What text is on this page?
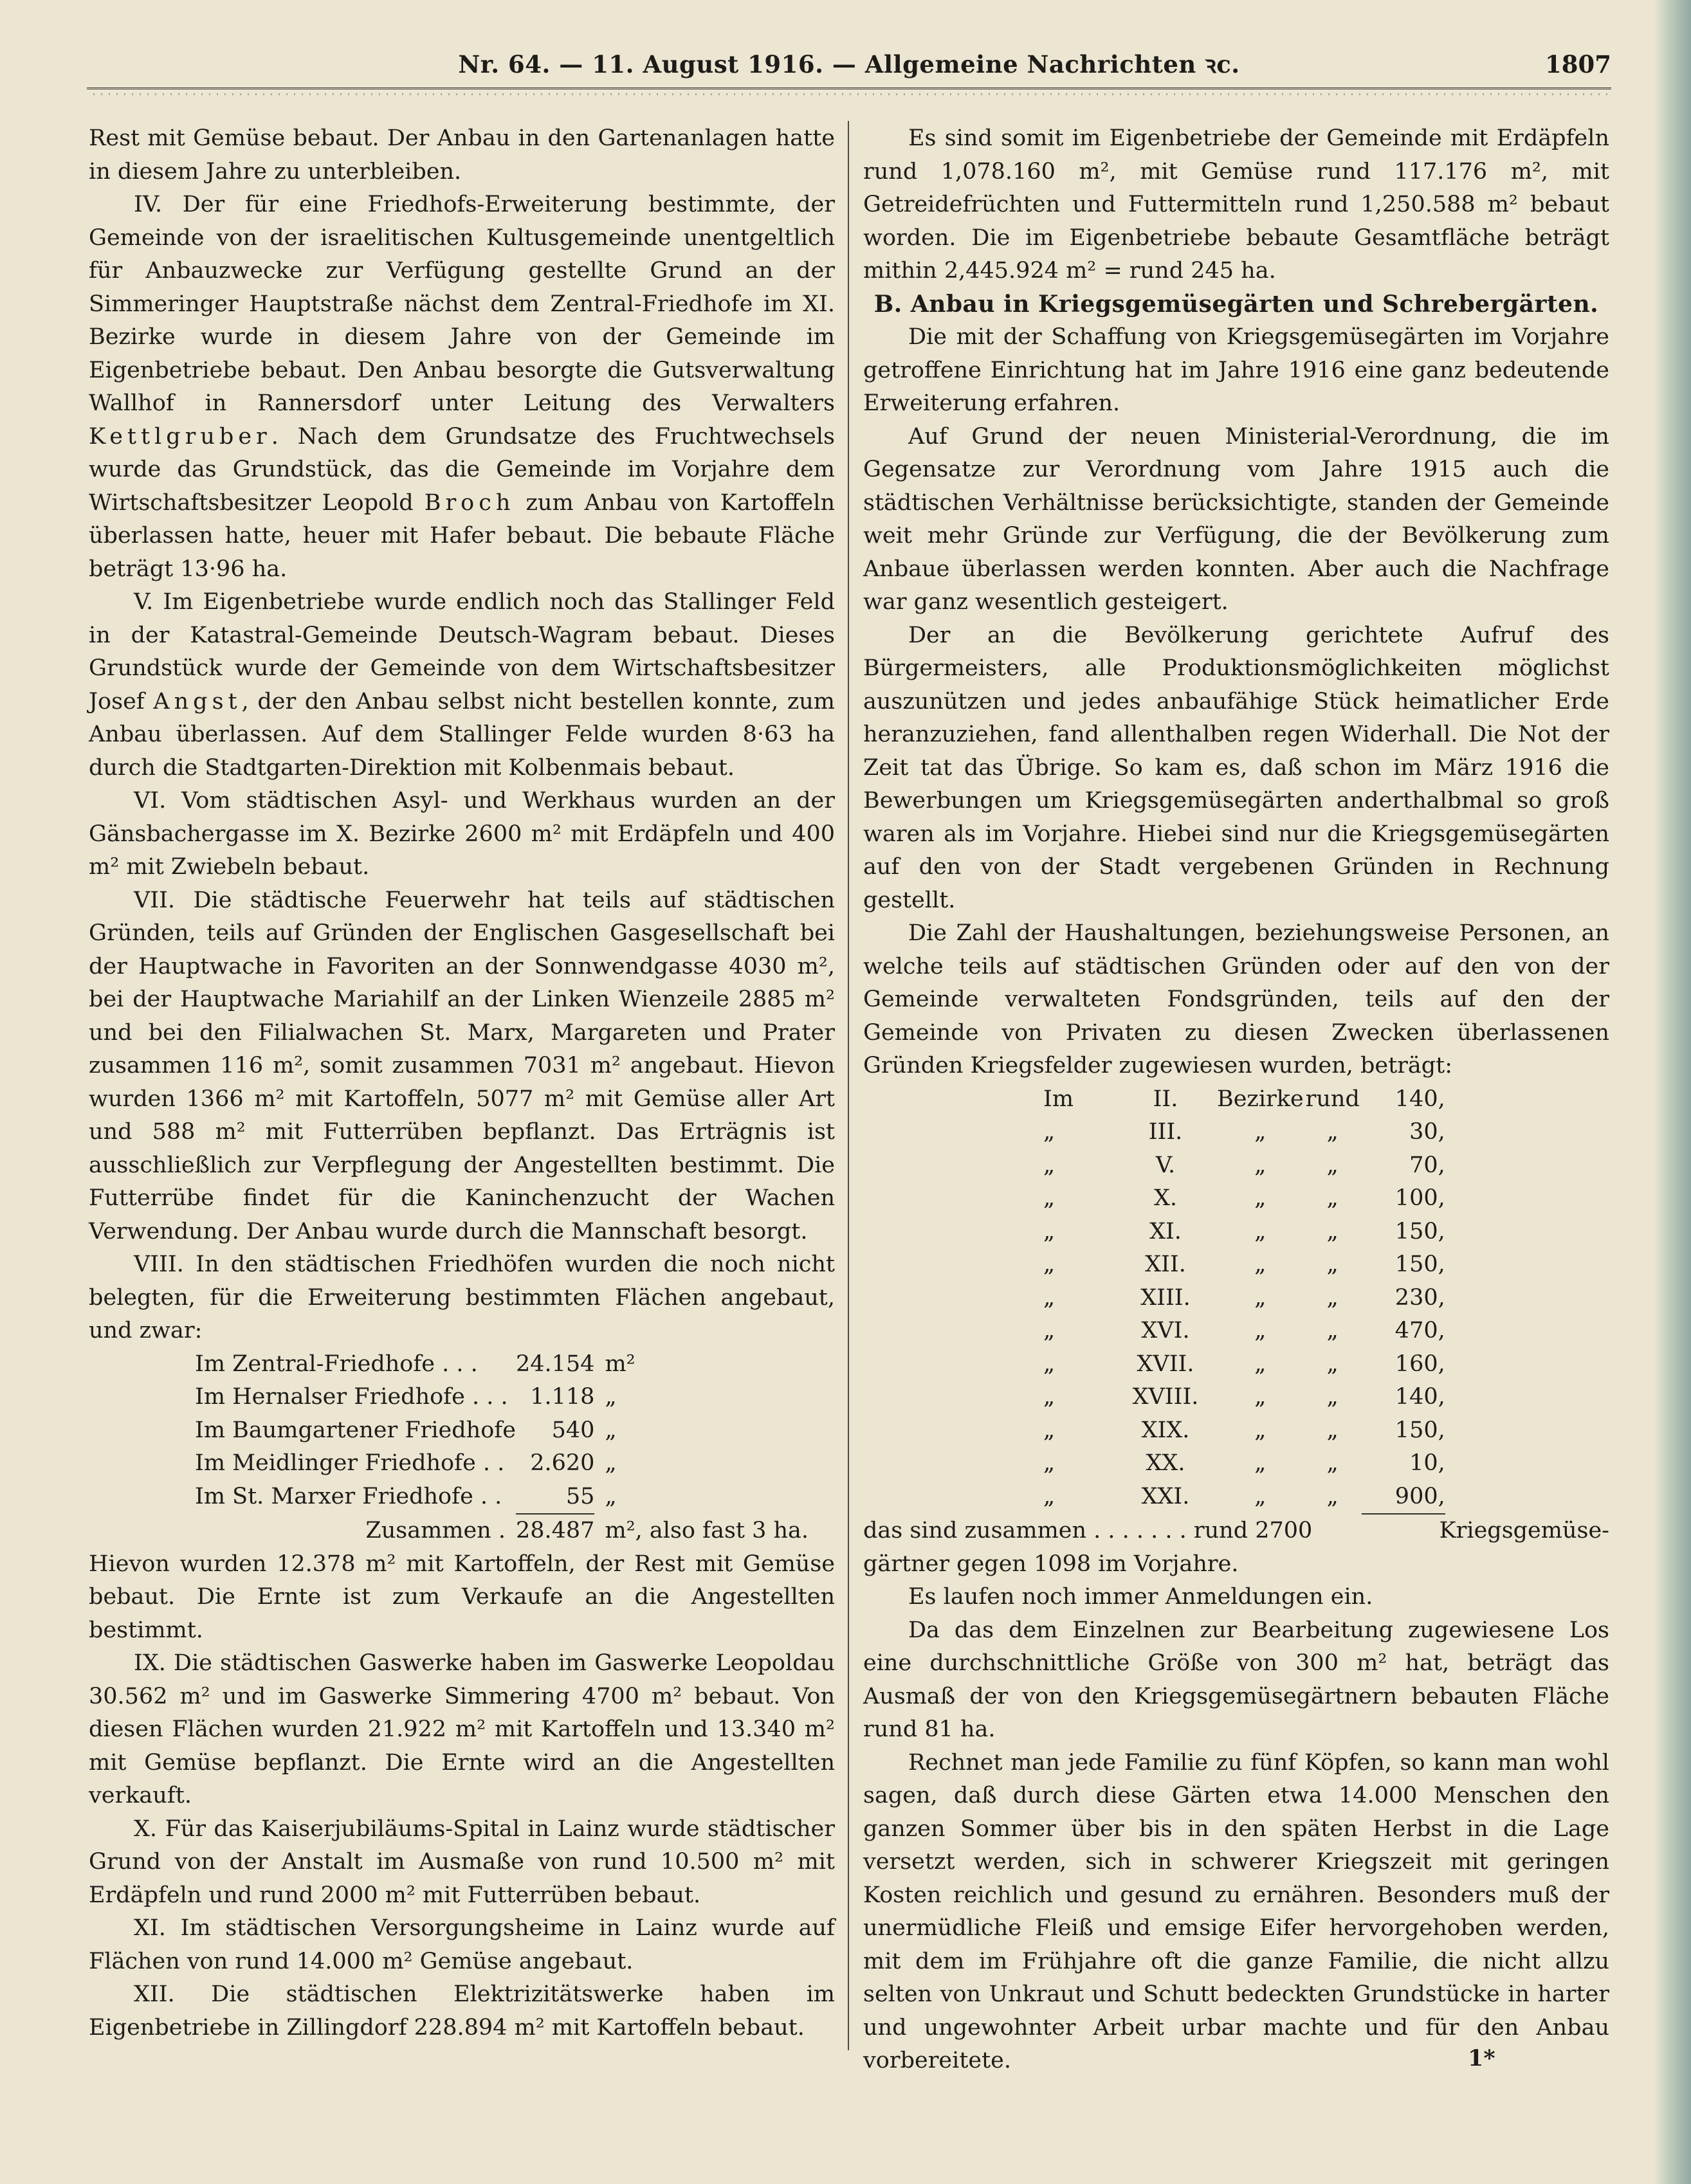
Nr. 64. — 11. August 1916. — Allgemeine Nachrichten ꝛc.	1807

Rest mit Gemüse bebaut. Der Anbau in den Gartenanlagen hatte in diesem Jahre zu unterbleiben.

IV. Der für eine Friedhofs-Erweiterung bestimmte, der Gemeinde von der israelitischen Kultusgemeinde unentgeltlich für Anbauzwecke zur Verfügung gestellte Grund an der Simmeringer Hauptstraße nächst dem Zentral-Friedhofe im XI. Bezirke wurde in diesem Jahre von der Gemeinde im Eigenbetriebe bebaut. Den Anbau besorgte die Gutsverwaltung Wallhof in Rannersdorf unter Leitung des Verwalters Kettlgruber. Nach dem Grundsatze des Fruchtwechsels wurde das Grundstück, das die Gemeinde im Vorjahre dem Wirtschaftsbesitzer Leopold Broch zum Anbau von Kartoffeln überlassen hatte, heuer mit Hafer bebaut. Die bebaute Fläche beträgt 13·96 ha.

V. Im Eigenbetriebe wurde endlich noch das Stallinger Feld in der Katastral-Gemeinde Deutsch-Wagram bebaut. Dieses Grundstück wurde der Gemeinde von dem Wirtschaftsbesitzer Josef Angst, der den Anbau selbst nicht bestellen konnte, zum Anbau überlassen. Auf dem Stallinger Felde wurden 8·63 ha durch die Stadtgarten-Direktion mit Kolbenmais bebaut.

VI. Vom städtischen Asyl- und Werkhaus wurden an der Gänsbachergasse im X. Bezirke 2600 m² mit Erdäpfeln und 400 m² mit Zwiebeln bebaut.

VII. Die städtische Feuerwehr hat teils auf städtischen Gründen, teils auf Gründen der Englischen Gasgesellschaft bei der Hauptwache in Favoriten an der Sonnwendgasse 4030 m², bei der Hauptwache Mariahilf an der Linken Wienzeile 2885 m² und bei den Filialwachen St. Marx, Margareten und Prater zusammen 116 m², somit zusammen 7031 m² angebaut. Hievon wurden 1366 m² mit Kartoffeln, 5077 m² mit Gemüse aller Art und 588 m² mit Futterrüben bepflanzt. Das Erträgnis ist ausschließlich zur Verpflegung der Angestellten bestimmt. Die Futterrübe findet für die Kaninchenzucht der Wachen Verwendung. Der Anbau wurde durch die Mannschaft besorgt.

VIII. In den städtischen Friedhöfen wurden die noch nicht belegten, für die Erweiterung bestimmten Flächen angebaut, und zwar:

Im Zentral-Friedhofe . . .	24.154	m²
Im Hernalser Friedhofe . . .	1.118	„
Im Baumgartener Friedhofe	540	„
Im Meidlinger Friedhofe . .	2.620	„
Im St. Marxer Friedhofe . .	55	„
Zusammen .	28.487	m², also fast 3 ha.

Hievon wurden 12.378 m² mit Kartoffeln, der Rest mit Gemüse bebaut. Die Ernte ist zum Verkaufe an die Angestellten bestimmt.

IX. Die städtischen Gaswerke haben im Gaswerke Leopoldau 30.562 m² und im Gaswerke Simmering 4700 m² bebaut. Von diesen Flächen wurden 21.922 m² mit Kartoffeln und 13.340 m² mit Gemüse bepflanzt. Die Ernte wird an die Angestellten verkauft.

X. Für das Kaiserjubiläums-Spital in Lainz wurde städtischer Grund von der Anstalt im Ausmaße von rund 10.500 m² mit Erdäpfeln und rund 2000 m² mit Futterrüben bebaut.

XI. Im städtischen Versorgungsheime in Lainz wurde auf Flächen von rund 14.000 m² Gemüse angebaut.

XII. Die städtischen Elektrizitätswerke haben im Eigenbetriebe in Zillingdorf 228.894 m² mit Kartoffeln bebaut.

Es sind somit im Eigenbetriebe der Gemeinde mit Erdäpfeln rund 1,078.160 m², mit Gemüse rund 117.176 m², mit Getreidefrüchten und Futtermitteln rund 1,250.588 m² bebaut worden. Die im Eigenbetriebe bebaute Gesamtfläche beträgt mithin 2,445.924 m² = rund 245 ha.

B. Anbau in Kriegsgemüsegärten und Schrebergärten.

Die mit der Schaffung von Kriegsgemüsegärten im Vorjahre getroffene Einrichtung hat im Jahre 1916 eine ganz bedeutende Erweiterung erfahren.

Auf Grund der neuen Ministerial-Verordnung, die im Gegensatze zur Verordnung vom Jahre 1915 auch die städtischen Verhältnisse berücksichtigte, standen der Gemeinde weit mehr Gründe zur Verfügung, die der Bevölkerung zum Anbaue überlassen werden konnten. Aber auch die Nachfrage war ganz wesentlich gesteigert.

Der an die Bevölkerung gerichtete Aufruf des Bürgermeisters, alle Produktionsmöglichkeiten möglichst auszunützen und jedes anbaufähige Stück heimatlicher Erde heranzuziehen, fand allenthalben regen Widerhall. Die Not der Zeit tat das Übrige. So kam es, daß schon im März 1916 die Bewerbungen um Kriegsgemüsegärten anderthalbmal so groß waren als im Vorjahre. Hiebei sind nur die Kriegsgemüsegärten auf den von der Stadt vergebenen Gründen in Rechnung gestellt.

Die Zahl der Haushaltungen, beziehungsweise Personen, an welche teils auf städtischen Gründen oder auf den von der Gemeinde verwalteten Fondsgründen, teils auf den der Gemeinde von Privaten zu diesen Zwecken überlassenen Gründen Kriegsfelder zugewiesen wurden, beträgt:

Im	II.	Bezirke	rund	140,
„	III.	„	„	30,
„	V.	„	„	70,
„	X.	„	„	100,
„	XI.	„	„	150,
„	XII.	„	„	150,
„	XIII.	„	„	230,
„	XVI.	„	„	470,
„	XVII.	„	„	160,
„	XVIII.	„	„	140,
„	XIX.	„	„	150,
„	XX.	„	„	10,
„	XXI.	„	„	900,
das sind zusammen . . . . . . . rund 2700	Kriegsgemüse-

gärtner gegen 1098 im Vorjahre.

Es laufen noch immer Anmeldungen ein.

Da das dem Einzelnen zur Bearbeitung zugewiesene Los eine durchschnittliche Größe von 300 m² hat, beträgt das Ausmaß der von den Kriegsgemüsegärtnern bebauten Fläche rund 81 ha.

Rechnet man jede Familie zu fünf Köpfen, so kann man wohl sagen, daß durch diese Gärten etwa 14.000 Menschen den ganzen Sommer über bis in den späten Herbst in die Lage versetzt werden, sich in schwerer Kriegszeit mit geringen Kosten reichlich und gesund zu ernähren. Besonders muß der unermüdliche Fleiß und emsige Eifer hervorgehoben werden, mit dem im Frühjahre oft die ganze Familie, die nicht allzu selten von Unkraut und Schutt bedeckten Grundstücke in harter und ungewohnter Arbeit urbar machte und für den Anbau vorbereitete.	1*
